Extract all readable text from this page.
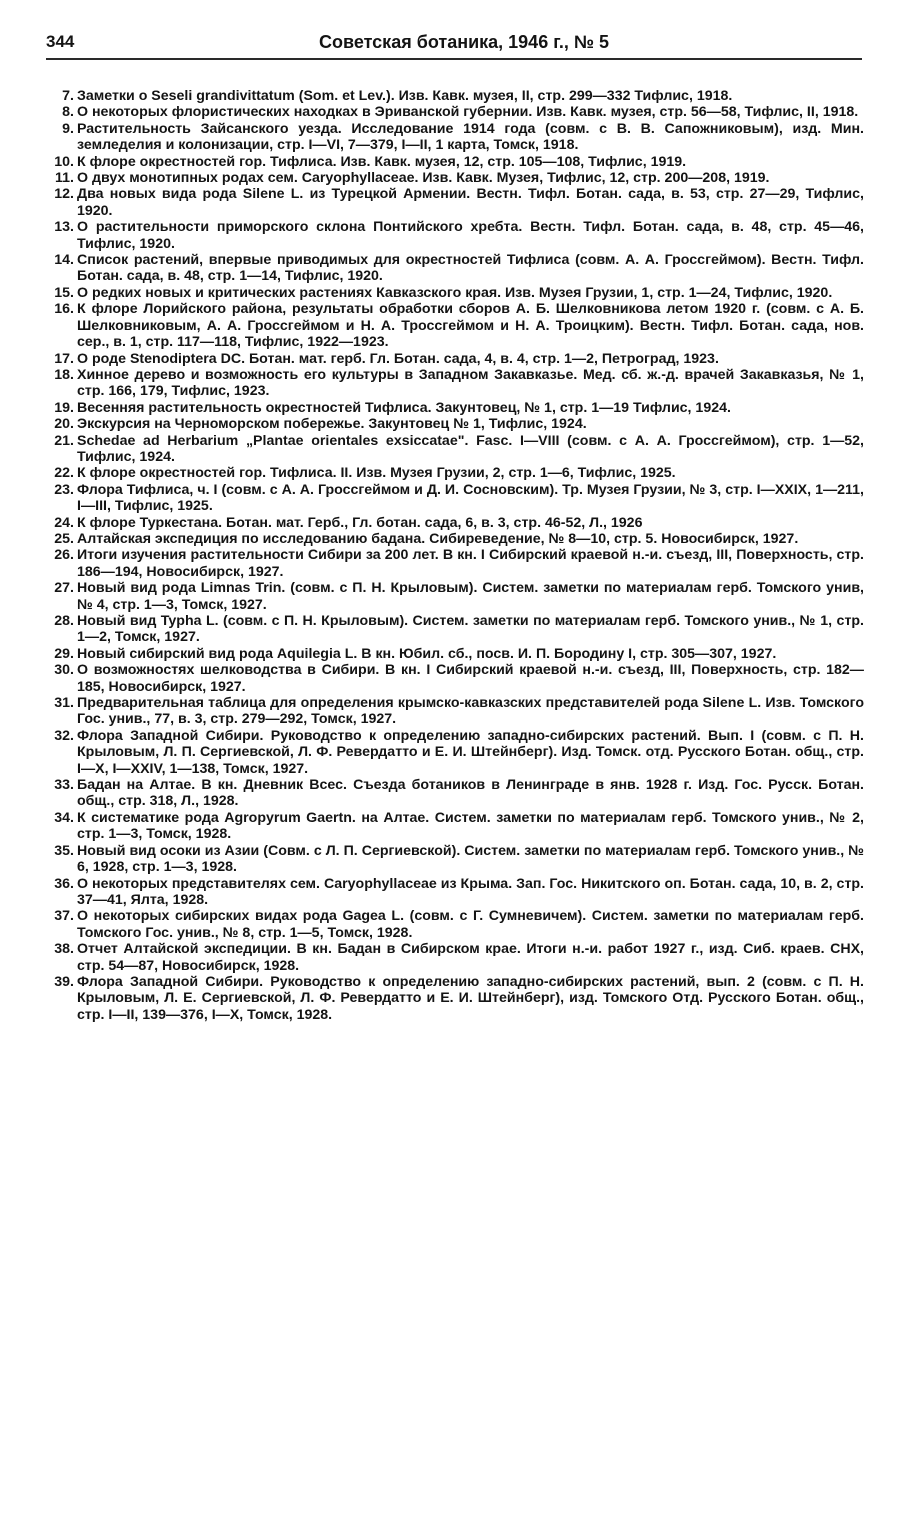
344	Советская ботаника, 1946 г., № 5
7. Заметки о Seseli grandivittatum (Som. et Lev.). Изв. Кавк. музея, II, стр. 299—332 Тифлис, 1918.
8. О некоторых флористических находках в Эриванской губернии. Изв. Кавк. музея, стр. 56—58, Тифлис, II, 1918.
9. Растительность Зайсанского уезда. Исследование 1914 года (совм. с В. В. Сапожниковым), изд. Мин. земледелия и колонизации, стр. I—VI, 7—379, I—II, 1 карта, Томск, 1918.
10. К флоре окрестностей гор. Тифлиса. Изв. Кавк. музея, 12, стр. 105—108, Тифлис, 1919.
11. О двух монотипных родах сем. Caryophyllaceae. Изв. Кавк. Музея, Тифлис, 12, стр. 200—208, 1919.
12. Два новых вида рода Silene L. из Турецкой Армении. Вестн. Тифл. Ботан. сада, в. 53, стр. 27—29, Тифлис, 1920.
13. О растительности приморского склона Понтийского хребта. Вестн. Тифл. Ботан. сада, в. 48, стр. 45—46, Тифлис, 1920.
14. Список растений, впервые приводимых для окрестностей Тифлиса (совм. А. А. Гроссгеймом). Вестн. Тифл. Ботан. сада, в. 48, стр. 1—14, Тифлис, 1920.
15. О редких новых и критических растениях Кавказского края. Изв. Музея Грузии, 1, стр. 1—24, Тифлис, 1920.
16. К флоре Лорийского района, результаты обработки сборов А. Б. Шелковникова летом 1920 г. (совм. с А. Б. Шелковниковым, А. А. Гроссгеймом и Н. А. Троссгеймом и Н. А. Троицким). Вестн. Тифл. Ботан. сада, нов. сер., в. 1, стр. 117—118, Тифлис, 1922—1923.
17. О роде Stenodiptera DC. Ботан. мат. герб. Гл. Ботан. сада, 4, в. 4, стр. 1—2, Петроград, 1923.
18. Хинное дерево и возможность его культуры в Западном Закавказье. Мед. сб. ж.-д. врачей Закавказья, № 1, стр. 166, 179, Тифлис, 1923.
19. Весенняя растительность окрестностей Тифлиса. Закунтовец, № 1, стр. 1—19 Тифлис, 1924.
20. Экскурсия на Черноморском побережье. Закунтовец № 1, Тифлис, 1924.
21. Schedae ad Herbarium „Plantae orientales exsiccatae". Fasc. I—VIII (совм. с А. А. Гроссгеймом), стр. 1—52, Тифлис, 1924.
22. К флоре окрестностей гор. Тифлиса. II. Изв. Музея Грузии, 2, стр. 1—6, Тифлис, 1925.
23. Флора Тифлиса, ч. I (совм. с А. А. Гроссгеймом и Д. И. Сосновским). Тр. Музея Грузии, № 3, стр. I—XXIX, 1—211, I—III, Тифлис, 1925.
24. К флоре Туркестана. Ботан. мат. Герб., Гл. ботан. сада, 6, в. 3, стр. 46-52, Л., 1926
25. Алтайская экспедиция по исследованию бадана. Сибиреведение, № 8—10, стр. 5. Новосибирск, 1927.
26. Итоги изучения растительности Сибири за 200 лет. В кн. I Сибирский краевой н.-и. съезд, III, Поверхность, стр. 186—194, Новосибирск, 1927.
27. Новый вид рода Limnas Trin. (совм. с П. Н. Крыловым). Систем. заметки по материалам герб. Томского унив, № 4, стр. 1—3, Томск, 1927.
28. Новый вид Typha L. (совм. с П. Н. Крыловым). Систем. заметки по материалам герб. Томского унив., № 1, стр. 1—2, Томск, 1927.
29. Новый сибирский вид рода Aquilegia L. В кн. Юбил. сб., посв. И. П. Бородину I, стр. 305—307, 1927.
30. О возможностях шелководства в Сибири. В кн. I Сибирский краевой н.-и. съезд, III, Поверхность, стр. 182—185, Новосибирск, 1927.
31. Предварительная таблица для определения крымско-кавказских представителей рода Silene L. Изв. Томского Гос. унив., 77, в. 3, стр. 279—292, Томск, 1927.
32. Флора Западной Сибири. Руководство к определению западно-сибирских растений. Вып. I (совм. с П. Н. Крыловым, Л. П. Сергиевской, Л. Ф. Ревердатто и Е. И. Штейнберг). Изд. Томск. отд. Русского Ботан. общ., стр. I—X, I—XXIV, 1—138, Томск, 1927.
33. Бадан на Алтае. В кн. Дневник Всес. Съезда ботаников в Ленинграде в янв. 1928 г. Изд. Гос. Русск. Ботан. общ., стр. 318, Л., 1928.
34. К систематике рода Agropyrum Gaertn. на Алтае. Систем. заметки по материалам герб. Томского унив., № 2, стр. 1—3, Томск, 1928.
35. Новый вид осоки из Азии (Совм. с Л. П. Сергиевской). Систем. заметки по материалам герб. Томского унив., № 6, 1928, стр. 1—3, 1928.
36. О некоторых представителях сем. Caryophyllaceae из Крыма. Зап. Гос. Никитского оп. Ботан. сада, 10, в. 2, стр. 37—41, Ялта, 1928.
37. О некоторых сибирских видах рода Gagea L. (совм. с Г. Сумневичем). Систем. заметки по материалам герб. Томского Гос. унив., № 8, стр. 1—5, Томск, 1928.
38. Отчет Алтайской экспедиции. В кн. Бадан в Сибирском крае. Итоги н.-и. работ 1927 г., изд. Сиб. краев. СНХ, стр. 54—87, Новосибирск, 1928.
39. Флора Западной Сибири. Руководство к определению западно-сибирских растений, вып. 2 (совм. с П. Н. Крыловым, Л. Е. Сергиевской, Л. Ф. Ревердатто и Е. И. Штейнберг), изд. Томского Отд. Русского Ботан. общ., стр. I—II, 139—376, I—X, Томск, 1928.
